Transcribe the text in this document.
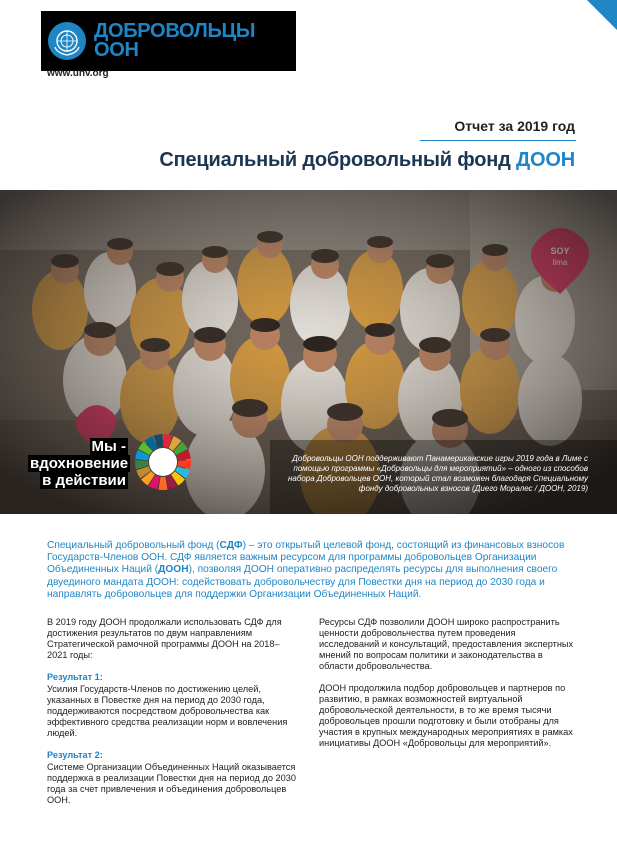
ДОБРОВОЛЬЦЫ
ООН
www.unv.org
Отчет за 2019 год
Специальный добровольный фонд ДООН
Мы -
вдохновение
в действии
Добровольцы ООН поддерживают Панамериканские игры 2019 года в Лиме с помощью программы «Добровольцы для мероприятий» – одного из способов набора Добровольцев ООН, который стал возможен благодаря Специальному фонду добровольных взносов (Диего Моралес / ДООН, 2019)
Специальный добровольный фонд (СДФ) – это открытый целевой фонд, состоящий из финансовых взносов Государств-Членов ООН. СДФ является важным ресурсом для программы добровольцев Организации Объединенных Наций (ДООН), позволяя ДООН оперативно распределять ресурсы для выполнения своего двуединого мандата ДООН: содействовать добровольчеству для Повестки дня на период до 2030 года и направлять добровольцев для поддержки Организации Объединенных Наций.

В 2019 году ДООН продолжали использовать СДФ для достижения результатов по двум направлениям Стратегической рамочной программы ДООН на 2018–2021 годы:

Результат 1:

Усилия Государств-Членов по достижению целей, указанных в Повестке дня на период до 2030 года, поддерживаются посредством добровольчества как эффективного средства реализации норм и вовлечения людей.

Результат 2:

Системе Организации Объединенных Наций оказывается поддержка в реализации Повестки дня на период до 2030 года за счет привлечения и объединения добровольцев ООН.

Ресурсы СДФ позволили ДООН широко распространить ценности добровольчества путем проведения исследований и консультаций, предоставления экспертных мнений по вопросам политики и законодательства в области добровольчества.

ДООН продолжила подбор добровольцев и партнеров по развитию, в рамках возможностей виртуальной добровольческой деятельности, в то же время тысячи добровольцев прошли подготовку и были отобраны для участия в крупных международных мероприятиях в рамках инициативы ДООН «Добровольцы для мероприятий».
